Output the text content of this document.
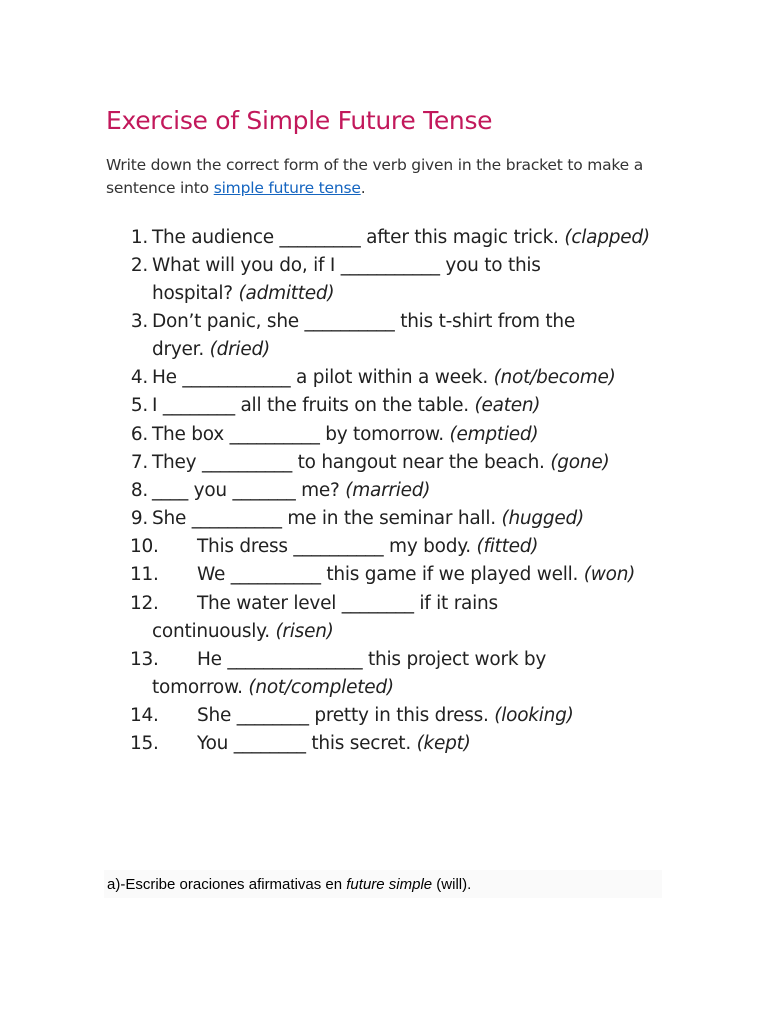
Exercise of Simple Future Tense

Write down the correct form of the verb given in the bracket to make a sentence into simple future tense.

1. The audience _________ after this magic trick. (clapped)
2. What will you do, if I ___________ you to this
hospital? (admitted)
3. Don’t panic, she __________ this t-shirt from the
dryer. (dried)
4. He ____________ a pilot within a week. (not/become)
5. I ________ all the fruits on the table. (eaten)
6. The box __________ by tomorrow. (emptied)
7. They __________ to hangout near the beach. (gone)
8. ____ you _______ me? (married)
9. She __________ me in the seminar hall. (hugged)
10. This dress __________ my body. (fitted)
11. We __________ this game if we played well. (won)
12. The water level ________ if it rains
continuously. (risen)
13. He _______________ this project work by
tomorrow. (not/completed)
14. She ________ pretty in this dress. (looking)
15. You ________ this secret. (kept)
a)-Escribe oraciones afirmativas en future simple (will).
